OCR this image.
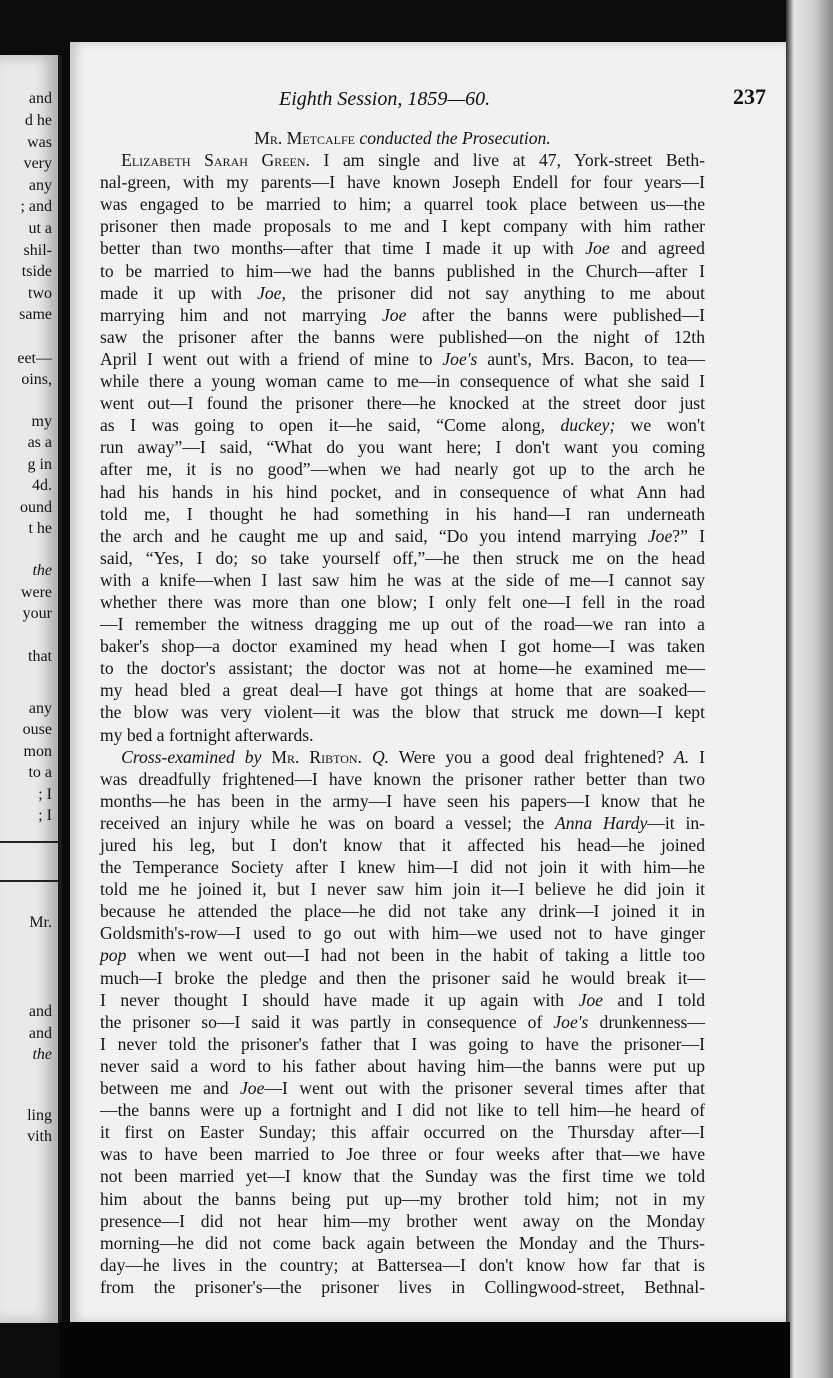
and
d he
was
very
any
; and
ut a
shil-
tside
two
same
eet—
oins,
my
as a
g in
4d.
ound
t he
the
were
your
that
any
ouse
mon
to a
; I
; I
Mr.
and
and
the
ling
vith
Eighth Session, 1859—60.	237
Mr. Metcalfe conducted the Prosecution.
Elizabeth Sarah Green. I am single and live at 47, York-street Beth-
nal-green, with my parents—I have known Joseph Endell for four years—I
was engaged to be married to him; a quarrel took place between us—the
prisoner then made proposals to me and I kept company with him rather
better than two months—after that time I made it up with Joe and agreed
to be married to him—we had the banns published in the Church—after I
made it up with Joe, the prisoner did not say anything to me about
marrying him and not marrying Joe after the banns were published—I
saw the prisoner after the banns were published—on the night of 12th
April I went out with a friend of mine to Joe's aunt's, Mrs. Bacon, to tea—
while there a young woman came to me—in consequence of what she said I
went out—I found the prisoner there—he knocked at the street door just
as I was going to open it—he said, “Come along, duckey; we won't
run away”—I said, “What do you want here; I don't want you coming
after me, it is no good”—when we had nearly got up to the arch he
had his hands in his hind pocket, and in consequence of what Ann had
told me, I thought he had something in his hand—I ran underneath
the arch and he caught me up and said, “Do you intend marrying Joe?” I
said, “Yes, I do; so take yourself off,”—he then struck me on the head
with a knife—when I last saw him he was at the side of me—I cannot say
whether there was more than one blow; I only felt one—I fell in the road
—I remember the witness dragging me up out of the road—we ran into a
baker's shop—a doctor examined my head when I got home—I was taken
to the doctor's assistant; the doctor was not at home—he examined me—
my head bled a great deal—I have got things at home that are soaked—
the blow was very violent—it was the blow that struck me down—I kept
my bed a fortnight afterwards.
Cross-examined by Mr. Ribton. Q. Were you a good deal frightened? A. I
was dreadfully frightened—I have known the prisoner rather better than two
months—he has been in the army—I have seen his papers—I know that he
received an injury while he was on board a vessel; the Anna Hardy—it in-
jured his leg, but I don't know that it affected his head—he joined
the Temperance Society after I knew him—I did not join it with him—he
told me he joined it, but I never saw him join it—I believe he did join it
because he attended the place—he did not take any drink—I joined it in
Goldsmith's-row—I used to go out with him—we used not to have ginger
pop when we went out—I had not been in the habit of taking a little too
much—I broke the pledge and then the prisoner said he would break it—
I never thought I should have made it up again with Joe and I told
the prisoner so—I said it was partly in consequence of Joe's drunkenness—
I never told the prisoner's father that I was going to have the prisoner—I
never said a word to his father about having him—the banns were put up
between me and Joe—I went out with the prisoner several times after that
—the banns were up a fortnight and I did not like to tell him—he heard of
it first on Easter Sunday; this affair occurred on the Thursday after—I
was to have been married to Joe three or four weeks after that—we have
not been married yet—I know that the Sunday was the first time we told
him about the banns being put up—my brother told him; not in my
presence—I did not hear him—my brother went away on the Monday
morning—he did not come back again between the Monday and the Thurs-
day—he lives in the country; at Battersea—I don't know how far that is
from the prisoner's—the prisoner lives in Collingwood-street, Bethnal-
